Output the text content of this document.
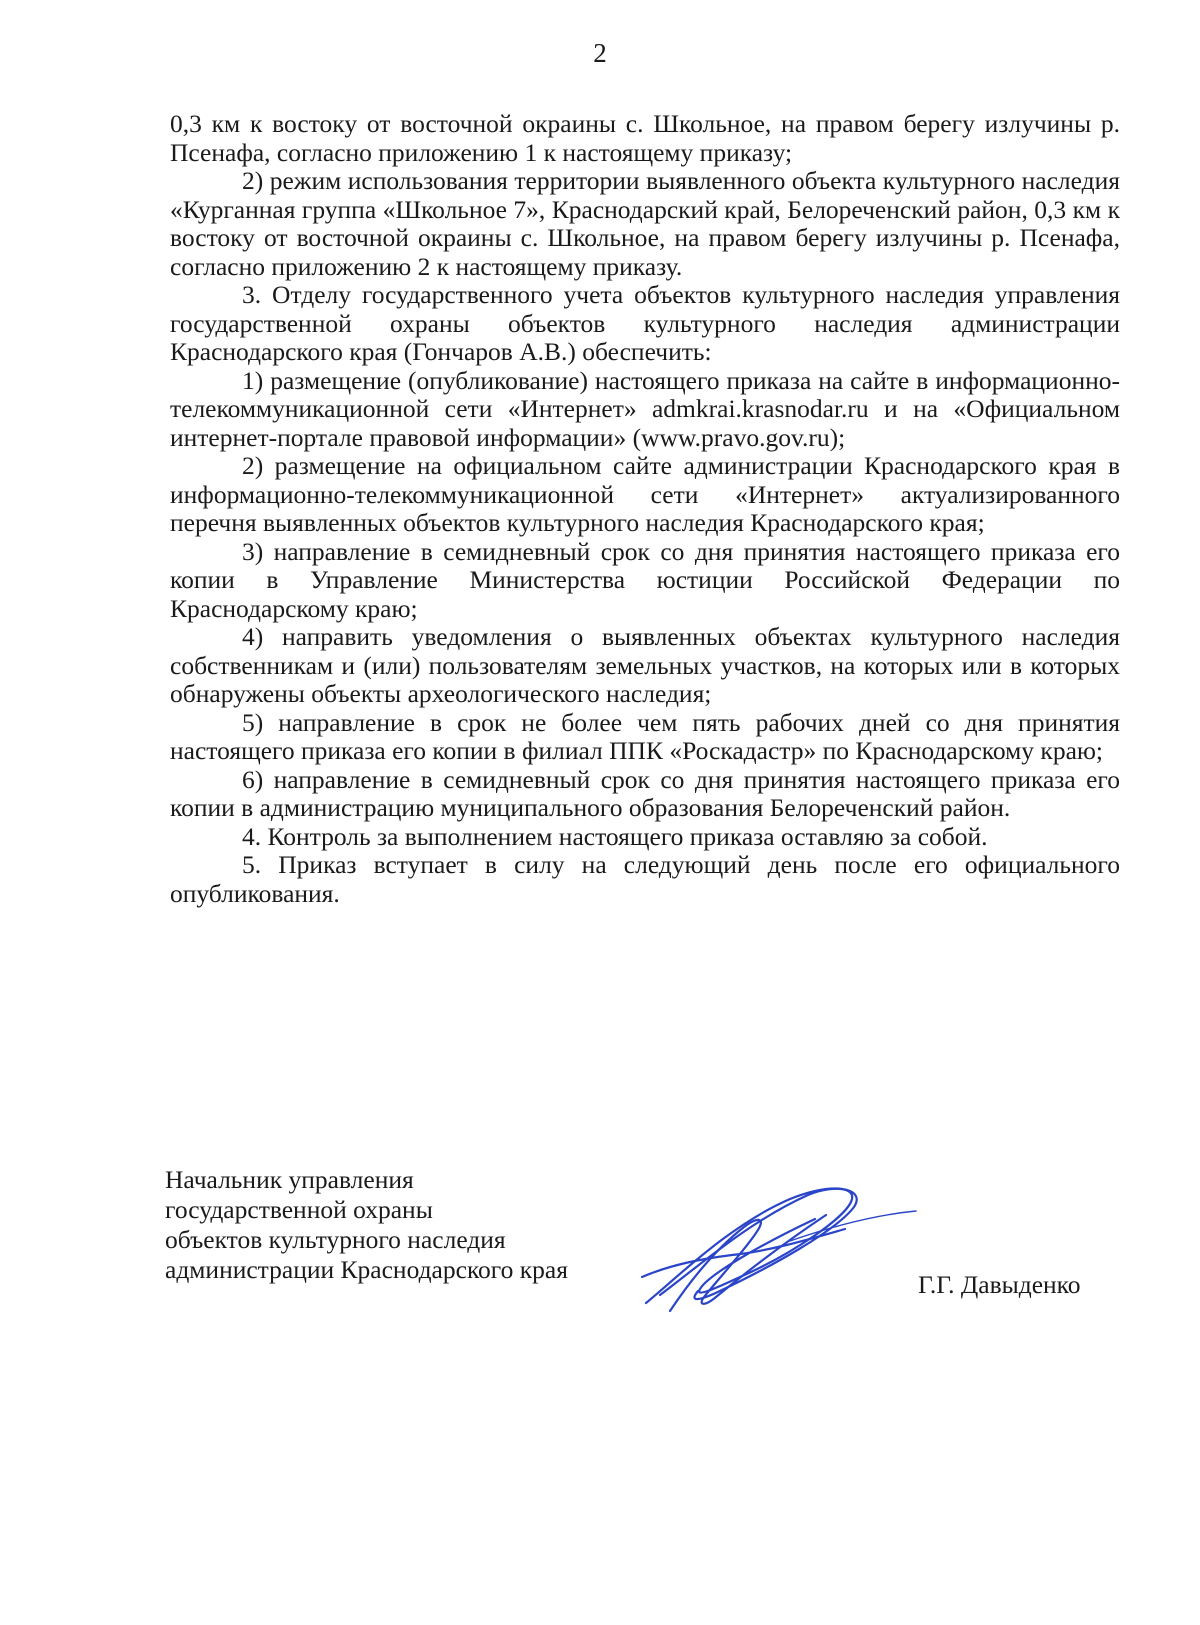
2

0,3 км к востоку от восточной окраины с. Школьное, на правом берегу излучины р. Псенафа, согласно приложению 1 к настоящему приказу;

2) режим использования территории выявленного объекта культурного наследия «Курганная группа «Школьное 7», Краснодарский край, Белореченский район, 0,3 км к востоку от восточной окраины с. Школьное, на правом берегу излучины р. Псенафа, согласно приложению 2 к настоящему приказу.

3. Отделу государственного учета объектов культурного наследия управления государственной охраны объектов культурного наследия администрации Краснодарского края (Гончаров А.В.) обеспечить:

1) размещение (опубликование) настоящего приказа на сайте в информационно-телекоммуникационной сети «Интернет» admkrai.krasnodar.ru и на «Официальном интернет-портале правовой информации» (www.pravo.gov.ru);

2) размещение на официальном сайте администрации Краснодарского края в информационно-телекоммуникационной сети «Интернет» актуализированного перечня выявленных объектов культурного наследия Краснодарского края;

3) направление в семидневный срок со дня принятия настоящего приказа его копии в Управление Министерства юстиции Российской Федерации по Краснодарскому краю;

4) направить уведомления о выявленных объектах культурного наследия собственникам и (или) пользователям земельных участков, на которых или в которых обнаружены объекты археологического наследия;

5) направление в срок не более чем пять рабочих дней со дня принятия настоящего приказа его копии в филиал ППК «Роскадастр» по Краснодарскому краю;

6) направление в семидневный срок со дня принятия настоящего приказа его копии в администрацию муниципального образования Белореченский район.

4. Контроль за выполнением настоящего приказа оставляю за собой.

5. Приказ вступает в силу на следующий день после его официального опубликования.

Начальник управления
государственной охраны
объектов культурного наследия
администрации Краснодарского края
Г.Г. Давыденко
